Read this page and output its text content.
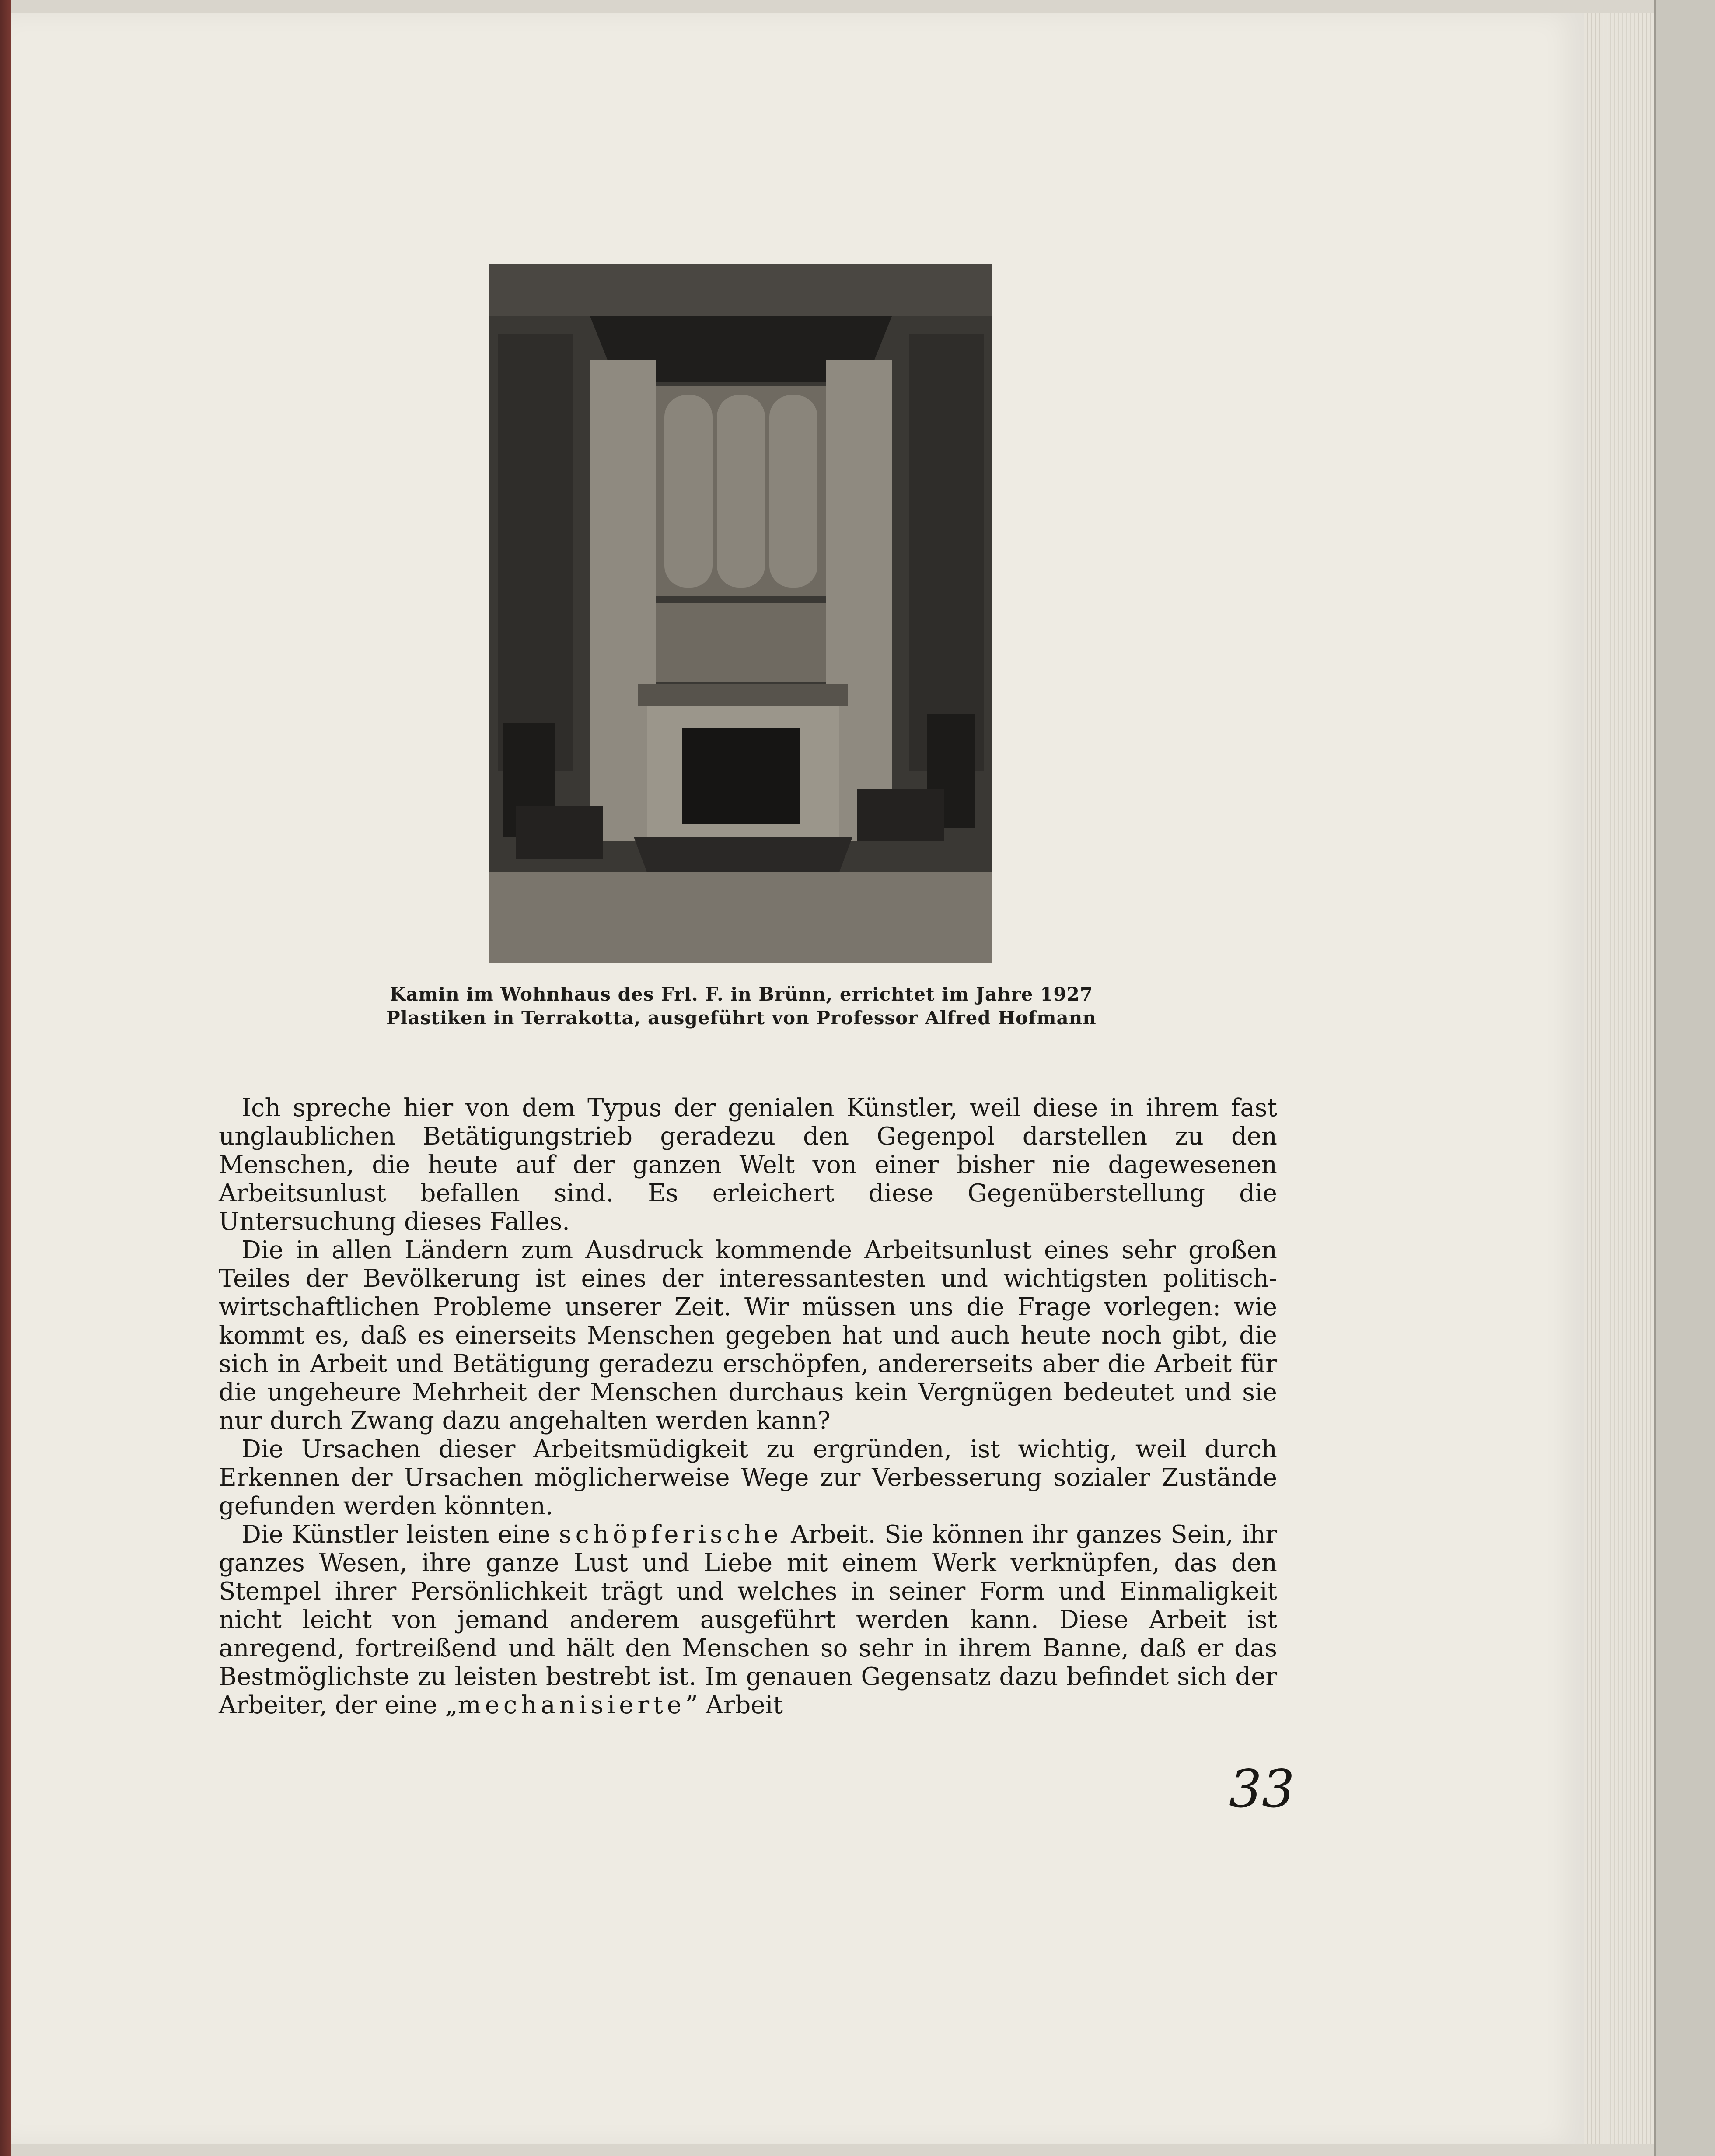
Kamin im Wohnhaus des Frl. F. in Brünn, errichtet im Jahre 1927
Plastiken in Terrakotta, ausgeführt von Professor Alfred Hofmann

Ich spreche hier von dem Typus der genialen Künstler, weil diese in ihrem fast unglaublichen Betätigungstrieb geradezu den Gegenpol darstellen zu den Menschen, die heute auf der ganzen Welt von einer bisher nie dagewesenen Arbeitsunlust befallen sind. Es erleichert diese Gegenüberstellung die Untersuchung dieses Falles.

Die in allen Ländern zum Ausdruck kommende Arbeitsunlust eines sehr großen Teiles der Bevölkerung ist eines der interessantesten und wichtigsten politisch-wirtschaftlichen Probleme unserer Zeit. Wir müssen uns die Frage vorlegen: wie kommt es, daß es einerseits Menschen gegeben hat und auch heute noch gibt, die sich in Arbeit und Betätigung geradezu erschöpfen, andererseits aber die Arbeit für die ungeheure Mehrheit der Menschen durchaus kein Vergnügen bedeutet und sie nur durch Zwang dazu angehalten werden kann?

Die Ursachen dieser Arbeitsmüdigkeit zu ergründen, ist wichtig, weil durch Erkennen der Ursachen möglicherweise Wege zur Verbesserung sozialer Zustände gefunden werden könnten.

Die Künstler leisten eine schöpferische Arbeit. Sie können ihr ganzes Sein, ihr ganzes Wesen, ihre ganze Lust und Liebe mit einem Werk verknüpfen, das den Stempel ihrer Persönlichkeit trägt und welches in seiner Form und Einmaligkeit nicht leicht von jemand anderem ausgeführt werden kann. Diese Arbeit ist anregend, fortreißend und hält den Menschen so sehr in ihrem Banne, daß er das Bestmöglichste zu leisten bestrebt ist. Im genauen Gegensatz dazu befindet sich der Arbeiter, der eine „mechanisierte” Arbeit

33
